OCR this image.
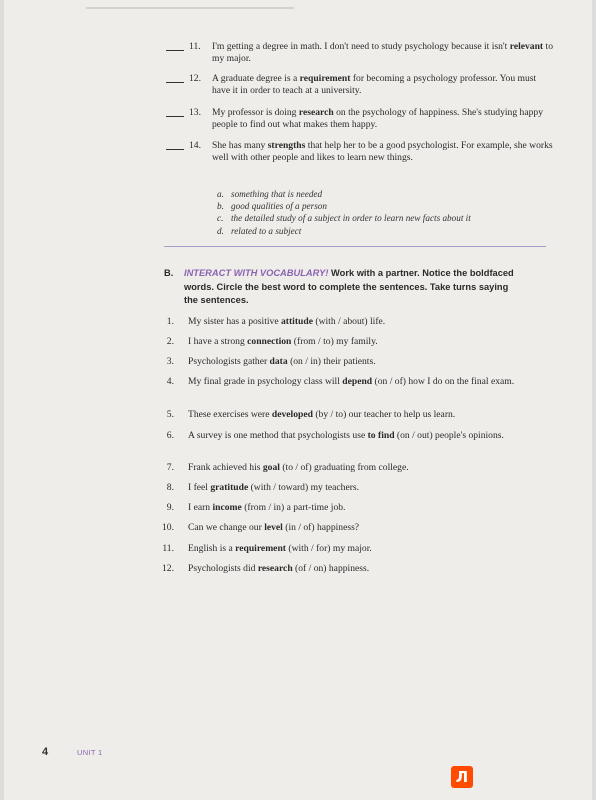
11. I'm getting a degree in math. I don't need to study psychology because it isn't relevant to my major.
12. A graduate degree is a requirement for becoming a psychology professor. You must have it in order to teach at a university.
13. My professor is doing research on the psychology of happiness. She's studying happy people to find out what makes them happy.
14. She has many strengths that help her to be a good psychologist. For example, she works well with other people and likes to learn new things.
a. something that is needed
b. good qualities of a person
c. the detailed study of a subject in order to learn new facts about it
d. related to a subject
B. INTERACT WITH VOCABULARY! Work with a partner. Notice the boldfaced
words. Circle the best word to complete the sentences. Take turns saying
the sentences.
1. My sister has a positive attitude (with / about) life.
2. I have a strong connection (from / to) my family.
3. Psychologists gather data (on / in) their patients.
4. My final grade in psychology class will depend (on / of) how I do on the final exam.
5. These exercises were developed (by / to) our teacher to help us learn.
6. A survey is one method that psychologists use to find (on / out) people's opinions.
7. Frank achieved his goal (to / of) graduating from college.
8. I feel gratitude (with / toward) my teachers.
9. I earn income (from / in) a part-time job.
10. Can we change our level (in / of) happiness?
11. English is a requirement (with / for) my major.
12. Psychologists did research (of / on) happiness.
4	UNIT 1
Л
